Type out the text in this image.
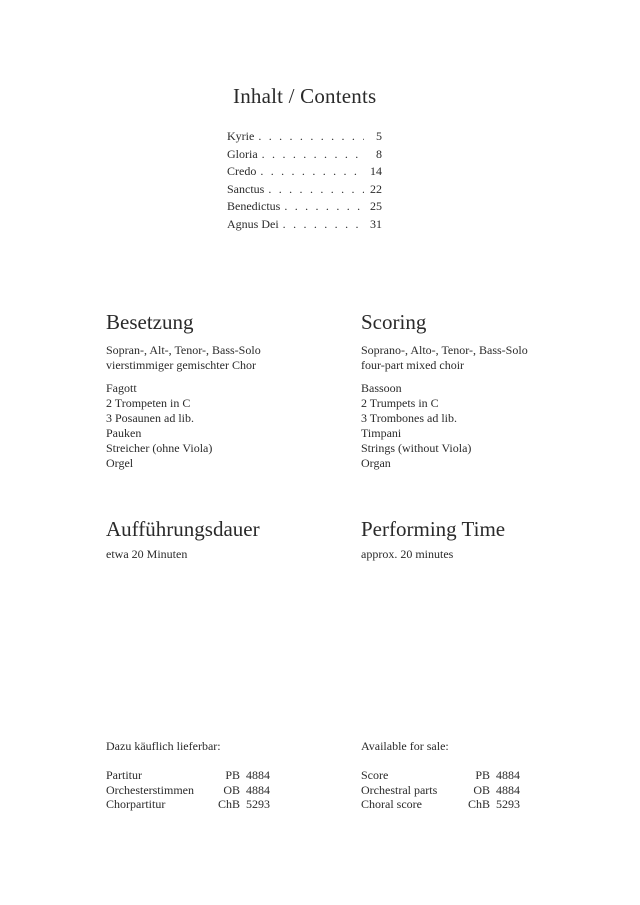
Inhalt / Contents
Kyrie . . .	5
Gloria . . .	8
Credo . . .	14
Sanctus . . .	22
Benedictus . . .	25
Agnus Dei . . .	31
Besetzung
Sopran-, Alt-, Tenor-, Bass-Solo
vierstimmiger gemischter Chor
Fagott
2 Trompeten in C
3 Posaunen ad lib.
Pauken
Streicher (ohne Viola)
Orgel
Scoring
Soprano-, Alto-, Tenor-, Bass-Solo
four-part mixed choir
Bassoon
2 Trumpets in C
3 Trombones ad lib.
Timpani
Strings (without Viola)
Organ
Aufführungsdauer
etwa 20 Minuten
Performing Time
approx. 20 minutes
Dazu käuflich lieferbar:
Partitur	PB 4884
Orchesterstimmen	OB 4884
Chorpartitur	ChB 5293
Available for sale:
Score	PB 4884
Orchestral parts	OB 4884
Choral score	ChB 5293
